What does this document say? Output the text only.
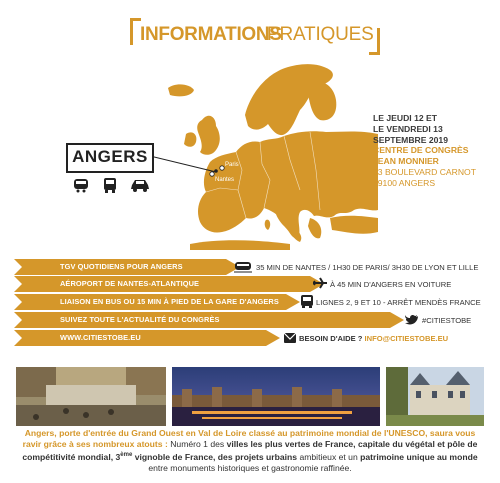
INFORMATIONS
PRATIQUES
Paris
Nantes
ANGERS
LE JEUDI 12 ET
LE VENDREDI 13
SEPTEMBRE 2019
CENTRE DE CONGRÈS
JEAN MONNIER
33 BOULEVARD CARNOT
49100 ANGERS
TGV QUOTIDIENS POUR ANGERS	35 MIN DE NANTES / 1H30 DE PARIS/ 3H30 DE LYON ET LILLE
AÉROPORT DE NANTES-ATLANTIQUE	À 45 MIN D'ANGERS EN VOITURE
LIAISON EN BUS OU 15 MIN À PIED DE LA GARE D'ANGERS	LIGNES 2, 9 ET 10 - ARRÊT MENDÈS FRANCE
SUIVEZ TOUTE L'ACTUALITÉ DU CONGRÈS	#CITIESTOBE
WWW.CITIESTOBE.EU	BESOIN D'AIDE ? INFO@CITIESTOBE.EU
Angers, porte d'entrée du Grand Ouest en Val de Loire classé au patrimoine mondial de l'UNESCO, saura vous ravir grâce à ses nombreux atouts : Numéro 1 des villes les plus vertes de France, capitale du végétal et pôle de compétitivité mondial, 3ème vignoble de France, des projets urbains ambitieux et un patrimoine unique au monde entre monuments historiques et gastronomie raffinée.
